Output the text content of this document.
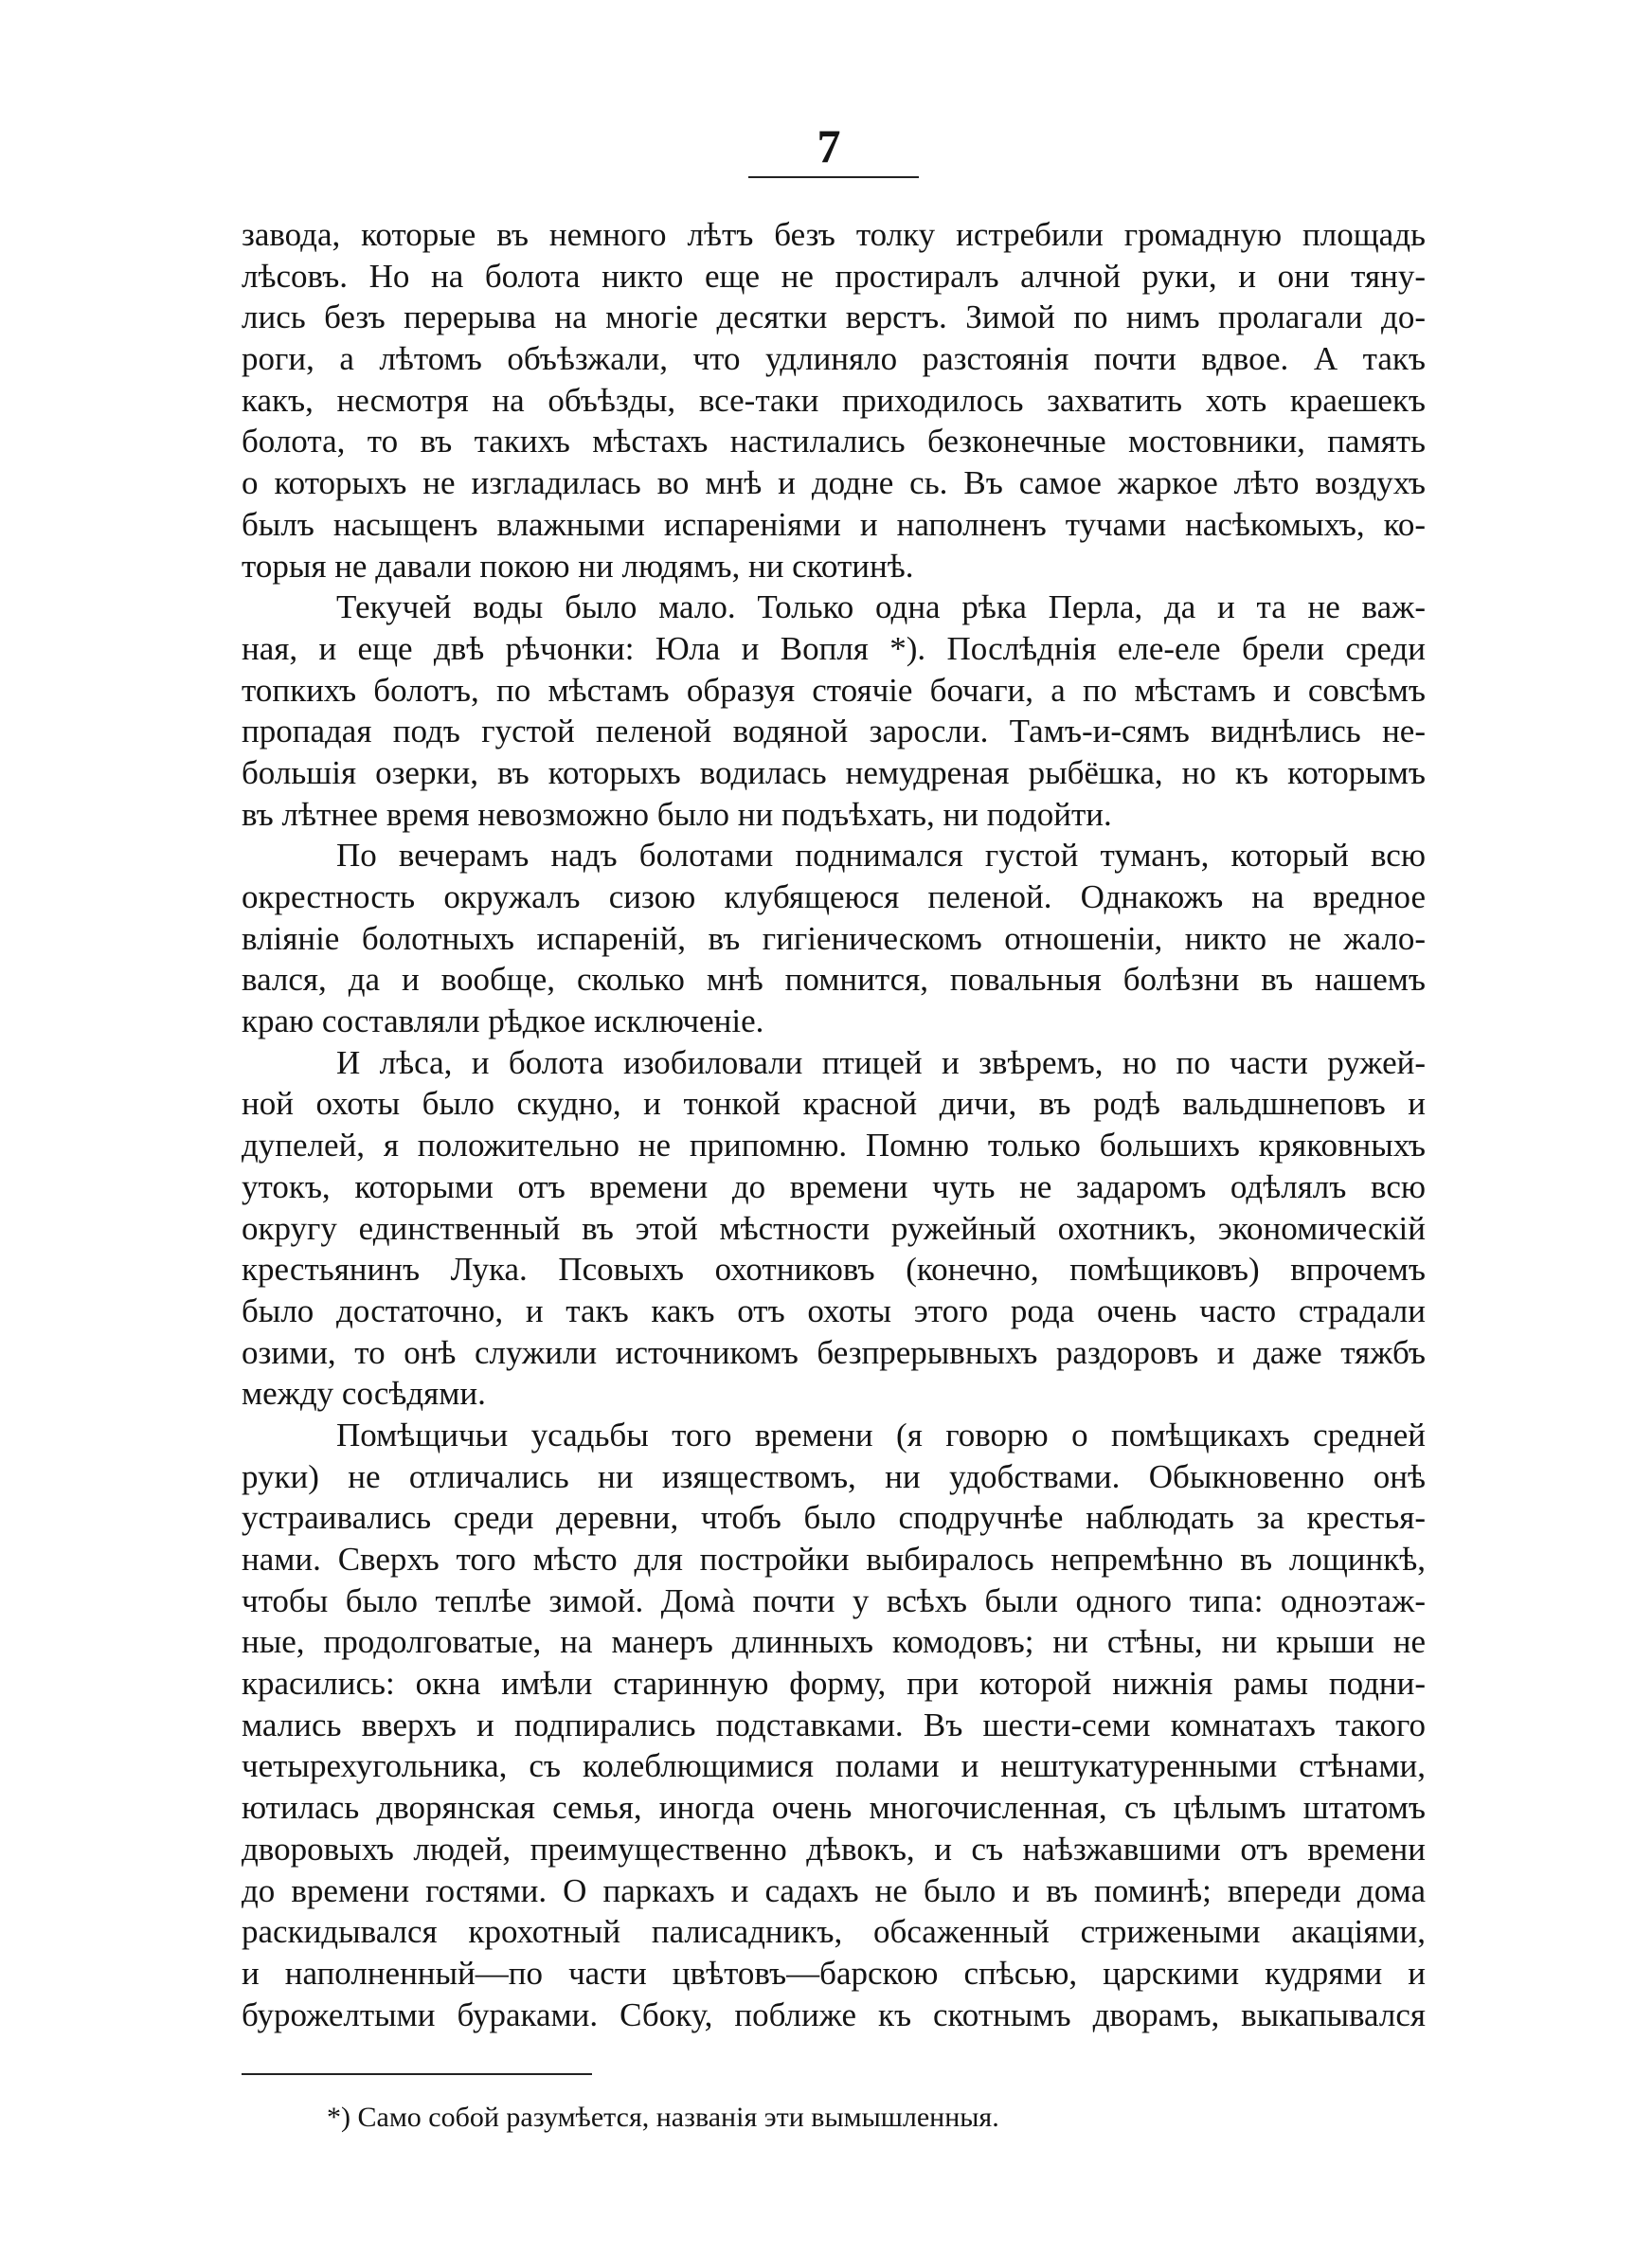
7
завода, которые въ немного лѣтъ безъ толку истребили громадную площадь
лѣсовъ. Но на болота никто еще не простиралъ алчной руки, и они тяну-
лись безъ перерыва на многіе десятки верстъ. Зимой по нимъ пролагали до-
роги, а лѣтомъ объѣзжали, что удлиняло разстоянія почти вдвое. А такъ
какъ, несмотря на объѣзды, все-таки приходилось захватить хоть краешекъ
болота, то въ такихъ мѣстахъ настилались безконечные мостовники, память
о которыхъ не изгладилась во мнѣ и додне сь. Въ самое жаркое лѣто воздухъ
былъ насыщенъ влажными испареніями и наполненъ тучами насѣкомыхъ, ко-
торыя не давали покою ни людямъ, ни скотинѣ.
Текучей воды было мало. Только одна рѣка Перла, да и та не важ-
ная, и еще двѣ рѣчонки: Юла и Вопля *). Послѣднія еле-еле брели среди
топкихъ болотъ, по мѣстамъ образуя стоячіе бочаги, а по мѣстамъ и совсѣмъ
пропадая подъ густой пеленой водяной заросли. Тамъ-и-сямъ виднѣлись не-
большія озерки, въ которыхъ водилась немудреная рыбёшка, но къ которымъ
въ лѣтнее время невозможно было ни подъѣхать, ни подойти.
По вечерамъ надъ болотами поднимался густой туманъ, который всю
окрестность окружалъ сизою клубящеюся пеленой. Однакожъ на вредное
вліяніе болотныхъ испареній, въ гигіеническомъ отношеніи, никто не жало-
вался, да и вообще, сколько мнѣ помнится, повальныя болѣзни въ нашемъ
краю составляли рѣдкое исключеніе.
И лѣса, и болота изобиловали птицей и звѣремъ, но по части ружей-
ной охоты было скудно, и тонкой красной дичи, въ родѣ вальдшнеповъ и
дупелей, я положительно не припомню. Помню только большихъ кряковныхъ
утокъ, которыми отъ времени до времени чуть не задаромъ одѣлялъ всю
округу единственный въ этой мѣстности ружейный охотникъ, экономическій
крестьянинъ Лука. Псовыхъ охотниковъ (конечно, помѣщиковъ) впрочемъ
было достаточно, и такъ какъ отъ охоты этого рода очень часто страдали
озими, то онѣ служили источникомъ безпрерывныхъ раздоровъ и даже тяжбъ
между сосѣдями.
Помѣщичьи усадьбы того времени (я говорю о помѣщикахъ средней
руки) не отличались ни изяществомъ, ни удобствами. Обыкновенно онѣ
устраивались среди деревни, чтобъ было сподручнѣе наблюдать за крестья-
нами. Сверхъ того мѣсто для постройки выбиралось непремѣнно въ лощинкѣ,
чтобы было теплѣе зимой. Домà почти у всѣхъ были одного типа: одноэтаж-
ные, продолговатые, на манеръ длинныхъ комодовъ; ни стѣны, ни крыши не
красились: окна имѣли старинную форму, при которой нижнія рамы подни-
мались вверхъ и подпирались подставками. Въ шести-семи комнатахъ такого
четырехугольника, съ колеблющимися полами и нештукатуренными стѣнами,
ютилась дворянская семья, иногда очень многочисленная, съ цѣлымъ штатомъ
дворовыхъ людей, преимущественно дѣвокъ, и съ наѣзжавшими отъ времени
до времени гостями. О паркахъ и садахъ не было и въ поминѣ; впереди дома
раскидывался крохотный палисадникъ, обсаженный стрижеными акаціями,
и наполненный—по части цвѣтовъ—барскою спѣсью, царскими кудрями и
бурожелтыми бураками. Сбоку, поближе къ скотнымъ дворамъ, выкапывался
*) Само собой разумѣется, названія эти вымышленныя.
